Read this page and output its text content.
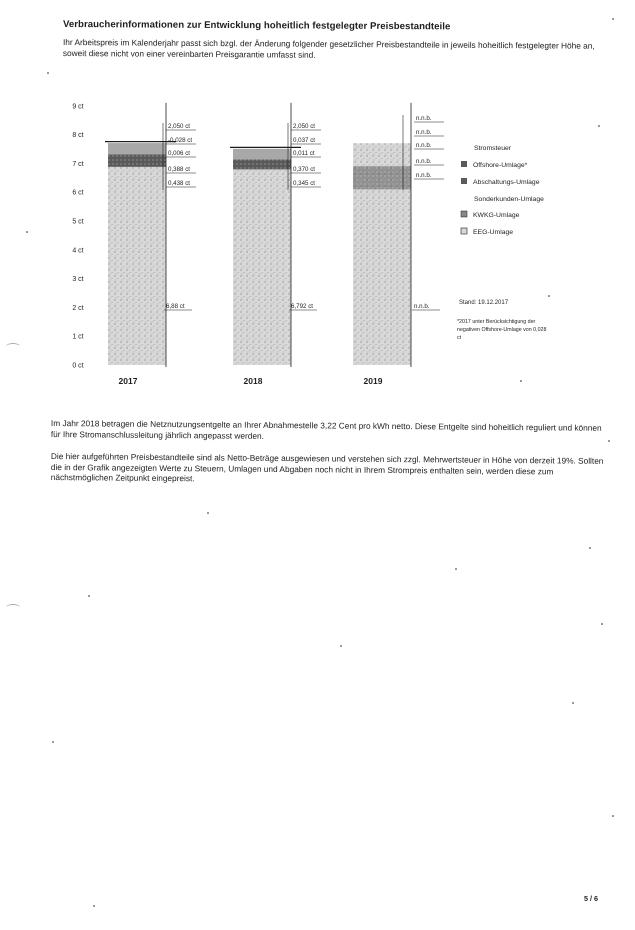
Verbraucherinformationen zur Entwicklung hoheitlich festgelegter Preisbestandteile
Ihr Arbeitspreis im Kalenderjahr passt sich bzgl. der Änderung folgender gesetzlicher Preisbestandteile in jeweils hoheitlich festgelegter Höhe an, soweit diese nicht von einer vereinbarten Preisgarantie umfasst sind.
0 ct
1 ct
2 ct
3 ct
4 ct
5 ct
6 ct
7 ct
8 ct
9 ct
2017	2018	2019
2,050 ct
-0,028 ct
0,006 ct
0,388 ct
0,438 ct
6,88 ct
2,050 ct
0,037 ct
0,011 ct
0,370 ct
0,345 ct
6,792 ct
n.n.b.
n.n.b.
n.n.b.
n.n.b.
n.n.b.
n.n.b.
Stromsteuer
Offshore-Umlage*
Abschaltungs-Umlage
Sonderkunden-Umlage
KWKG-Umlage
EEG-Umlage
Stand: 19.12.2017
*2017 unter Berücksichtigung der
negativen Offshore-Umlage von 0,028
ct
Im Jahr 2018 betragen die Netznutzungsentgelte an Ihrer Abnahmestelle 3,22 Cent pro kWh netto. Diese Entgelte sind hoheitlich reguliert und können für Ihre Stromanschlussleitung jährlich angepasst werden.
Die hier aufgeführten Preisbestandteile sind als Netto-Beträge ausgewiesen und verstehen sich zzgl. Mehrwertsteuer in Höhe von derzeit 19%. Sollten die in der Grafik angezeigten Werte zu Steuern, Umlagen und Abgaben noch nicht in Ihrem Strompreis enthalten sein, werden diese zum nächstmöglichen Zeitpunkt eingepreist.
5 / 6
